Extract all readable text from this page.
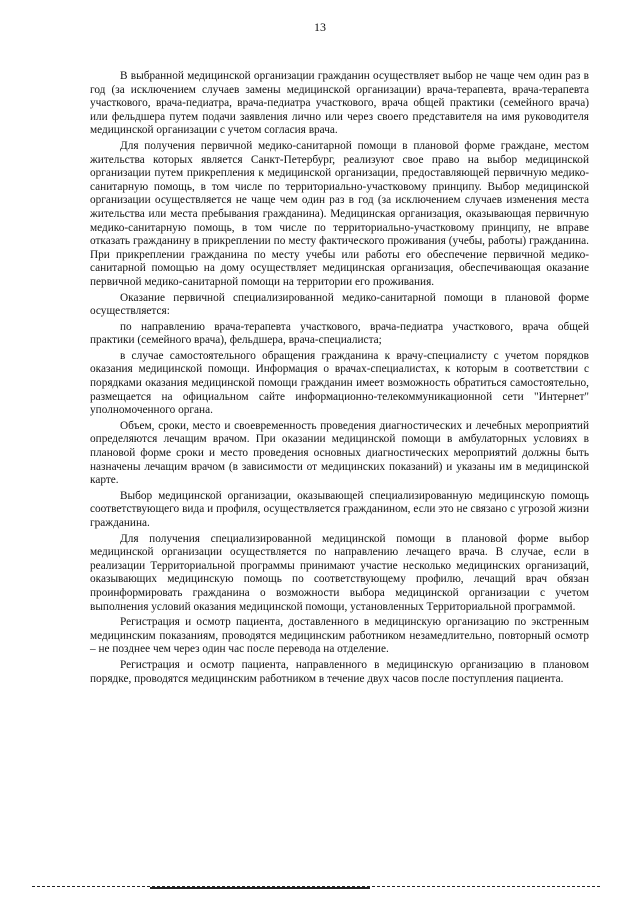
13

В выбранной медицинской организации гражданин осуществляет выбор не чаще чем один раз в год (за исключением случаев замены медицинской организации) врача-терапевта, врача-терапевта участкового, врача-педиатра, врача-педиатра участкового, врача общей практики (семейного врача) или фельдшера путем подачи заявления лично или через своего представителя на имя руководителя медицинской организации с учетом согласия врача.

Для получения первичной медико-санитарной помощи в плановой форме граждане, местом жительства которых является Санкт-Петербург, реализуют свое право на выбор медицинской организации путем прикрепления к медицинской организации, предоставляющей первичную медико-санитарную помощь, в том числе по территориально-участковому принципу. Выбор медицинской организации осуществляется не чаще чем один раз в год (за исключением случаев изменения места жительства или места пребывания гражданина). Медицинская организация, оказывающая первичную медико-санитарную помощь, в том числе по территориально-участковому принципу, не вправе отказать гражданину в прикреплении по месту фактического проживания (учебы, работы) гражданина. При прикреплении гражданина по месту учебы или работы его обеспечение первичной медико-санитарной помощью на дому осуществляет медицинская организация, обеспечивающая оказание первичной медико-санитарной помощи на территории его проживания.

Оказание первичной специализированной медико-санитарной помощи в плановой форме осуществляется:

по направлению врача-терапевта участкового, врача-педиатра участкового, врача общей практики (семейного врача), фельдшера, врача-специалиста;

в случае самостоятельного обращения гражданина к врачу-специалисту с учетом порядков оказания медицинской помощи. Информация о врачах-специалистах, к которым в соответствии с порядками оказания медицинской помощи гражданин имеет возможность обратиться самостоятельно, размещается на официальном сайте информационно-телекоммуникационной сети "Интернет" уполномоченного органа.

Объем, сроки, место и своевременность проведения диагностических и лечебных мероприятий определяются лечащим врачом. При оказании медицинской помощи в амбулаторных условиях в плановой форме сроки и место проведения основных диагностических мероприятий должны быть назначены лечащим врачом (в зависимости от медицинских показаний) и указаны им в медицинской карте.

Выбор медицинской организации, оказывающей специализированную медицинскую помощь соответствующего вида и профиля, осуществляется гражданином, если это не связано с угрозой жизни гражданина.

Для получения специализированной медицинской помощи в плановой форме выбор медицинской организации осуществляется по направлению лечащего врача. В случае, если в реализации Территориальной программы принимают участие несколько медицинских организаций, оказывающих медицинскую помощь по соответствующему профилю, лечащий врач обязан проинформировать гражданина о возможности выбора медицинской организации с учетом выполнения условий оказания медицинской помощи, установленных Территориальной программой.

Регистрация и осмотр пациента, доставленного в медицинскую организацию по экстренным медицинским показаниям, проводятся медицинским работником незамедлительно, повторный осмотр – не позднее чем через один час после перевода на отделение.

Регистрация и осмотр пациента, направленного в медицинскую организацию в плановом порядке, проводятся медицинским работником в течение двух часов после поступления пациента.
